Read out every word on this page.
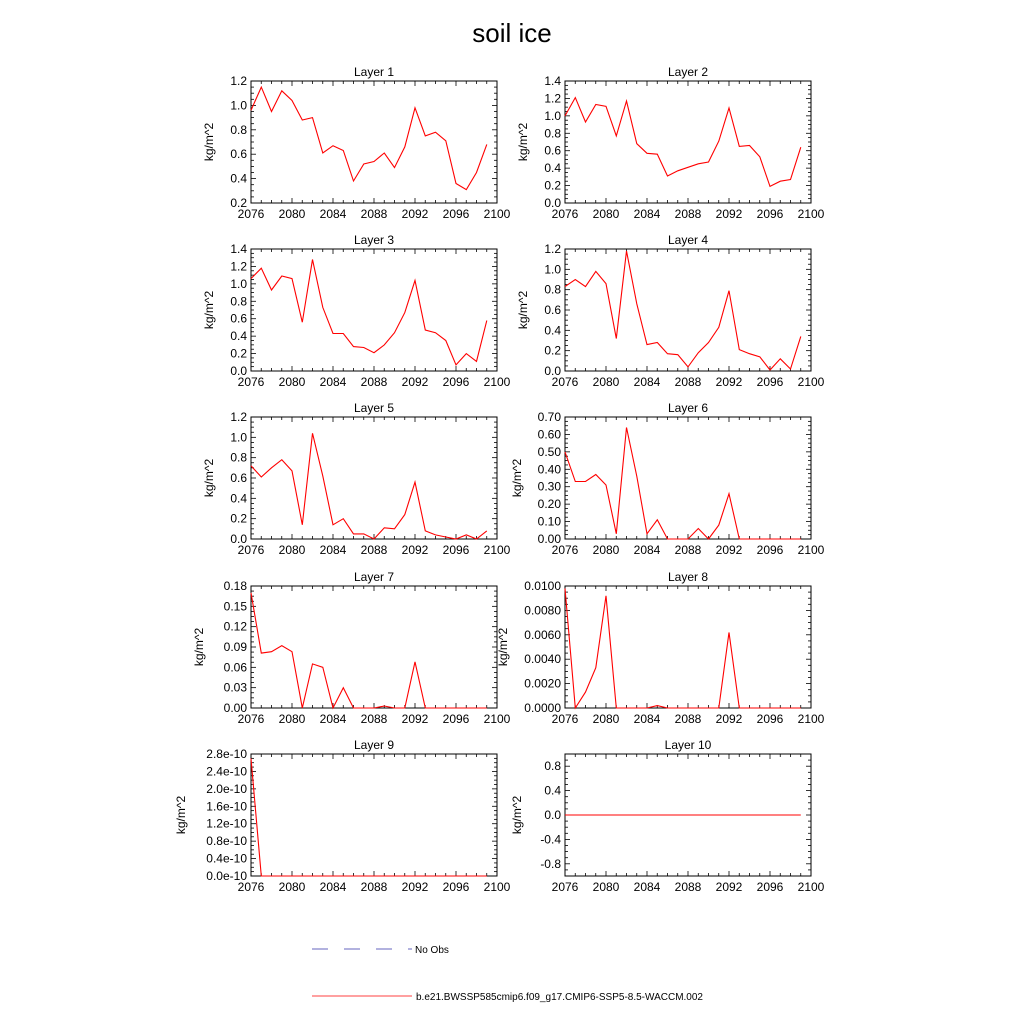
soil ice
Layer 1
2076 2080 2084 2088 2092 2096 2100
0.2
0.4
0.6
0.8
1.0
1.2
kg/m^2
Layer 2
2076 2080 2084 2088 2092 2096 2100
0.0
0.2
0.4
0.6
0.8
1.0
1.2
1.4
kg/m^2
Layer 3
2076 2080 2084 2088 2092 2096 2100
0.0
0.2
0.4
0.6
0.8
1.0
1.2
1.4
kg/m^2
Layer 4
2076 2080 2084 2088 2092 2096 2100
0.0
0.2
0.4
0.6
0.8
1.0
1.2
kg/m^2
Layer 5
2076 2080 2084 2088 2092 2096 2100
0.0
0.2
0.4
0.6
0.8
1.0
1.2
kg/m^2
Layer 6
2076 2080 2084 2088 2092 2096 2100
0.00
0.10
0.20
0.30
0.40
0.50
0.60
0.70
kg/m^2
Layer 7
2076 2080 2084 2088 2092 2096 2100
0.00
0.03
0.06
0.09
0.12
0.15
0.18
kg/m^2
Layer 8
2076 2080 2084 2088 2092 2096 2100
0.0000
0.0020
0.0040
0.0060
0.0080
0.0100
kg/m^2
Layer 9
2076 2080 2084 2088 2092 2096 2100
0.0e-10
0.4e-10
0.8e-10
1.2e-10
1.6e-10
2.0e-10
2.4e-10
2.8e-10
kg/m^2
Layer 10
2076 2080 2084 2088 2092 2096 2100
-0.8
-0.4
0.0
0.4
0.8
kg/m^2
No Obs
b.e21.BWSSP585cmip6.f09_g17.CMIP6-SSP5-8.5-WACCM.002
